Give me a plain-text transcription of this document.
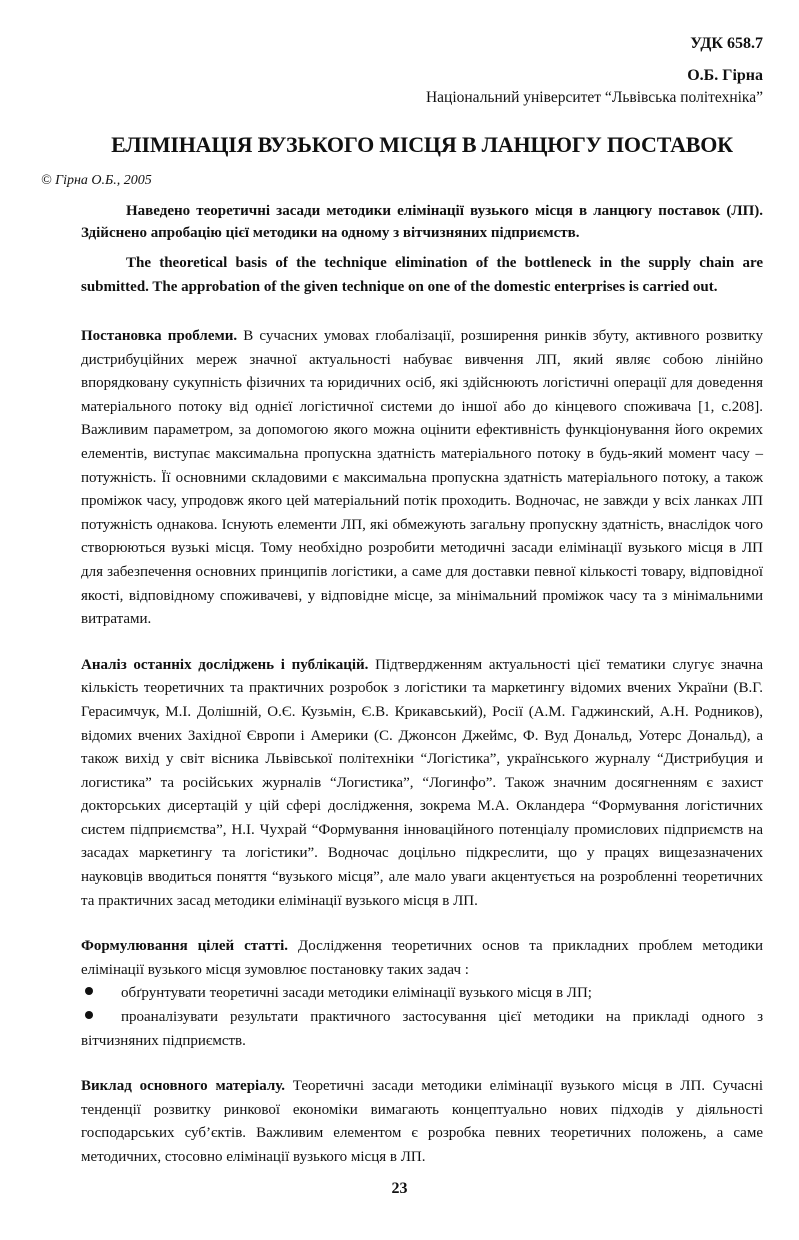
УДК 658.7
О.Б. Гірна
Національний університет “Львівська політехніка”
ЕЛІМІНАЦІЯ ВУЗЬКОГО МІСЦЯ В ЛАНЦЮГУ ПОСТАВОК
© Гірна О.Б., 2005
Наведено теоретичні засади методики елімінації вузького місця в ланцюгу поставок (ЛП). Здійснено апробацію цієї методики на одному з вітчизняних підприємств.
The theoretical basis of the technique elimination of the bottleneck in the supply chain are submitted. The approbation of the given technique on one of the domestic enterprises is carried out.

Постановка проблеми. В сучасних умовах глобалізації, розширення ринків збуту, активного розвитку дистрибуційних мереж значної актуальності набуває вивчення ЛП, який являє собою лінійно впорядковану сукупність фізичних та юридичних осіб, які здійснюють логістичні операції для доведення матеріального потоку від однієї логістичної системи до іншої або до кінцевого споживача [1, с.208]. Важливим параметром, за допомогою якого можна оцінити ефективність функціонування його окремих елементів, виступає максимальна пропускна здатність матеріального потоку в будь-який момент часу – потужність. Її основними складовими є максимальна пропускна здатність матеріального потоку, а також проміжок часу, упродовж якого цей матеріальний потік проходить. Водночас, не завжди у всіх ланках ЛП потужність однакова. Існують елементи ЛП, які обмежують загальну пропускну здатність, внаслідок чого створюються вузькі місця. Тому необхідно розробити методичні засади елімінації вузького місця в ЛП для забезпечення основних принципів логістики, а саме для доставки певної кількості товару, відповідної якості, відповідному споживачеві, у відповідне місце, за мінімальний проміжок часу та з мінімальними витратами.

Аналіз останніх досліджень і публікацій. Підтвердженням актуальності цієї тематики слугує значна кількість теоретичних та практичних розробок з логістики та маркетингу відомих вчених України (В.Г. Герасимчук, М.І. Долішній, О.Є. Кузьмін, Є.В. Крикавський), Росії (А.М. Гаджинский, А.Н. Родников), відомих вчених Західної Європи і Америки (С. Джонсон Джеймс, Ф. Вуд Дональд, Уотерс Дональд), а також вихід у світ вісника Львівської політехніки “Логістика”, українського журналу “Дистрибуция и логистика” та російських журналів “Логистика”, “Логинфо”. Також значним досягненням є захист докторських дисертацій у цій сфері дослідження, зокрема М.А. Окландера “Формування логістичних систем підприємства”, Н.І. Чухрай “Формування інноваційного потенціалу промислових підприємств на засадах маркетингу та логістики”. Водночас доцільно підкреслити, що у працях вищезазначених науковців вводиться поняття “вузького місця”, але мало уваги акцентується на розробленні теоретичних та практичних засад методики елімінації вузького місця в ЛП.

Формулювання цілей статті. Дослідження теоретичних основ та прикладних проблем методики елімінації вузького місця зумовлює постановку таких задач :

обґрунтувати теоретичні засади методики елімінації вузького місця в ЛП;
проаналізувати результати практичного застосування цієї методики на прикладі одного з вітчизняних підприємств.

Виклад основного матеріалу. Теоретичні засади методики елімінації вузького місця в ЛП. Сучасні тенденції розвитку ринкової економіки вимагають концептуально нових підходів у діяльності господарських суб’єктів. Важливим елементом є розробка певних теоретичних положень, а саме методичних, стосовно елімінації вузького місця в ЛП.

23
